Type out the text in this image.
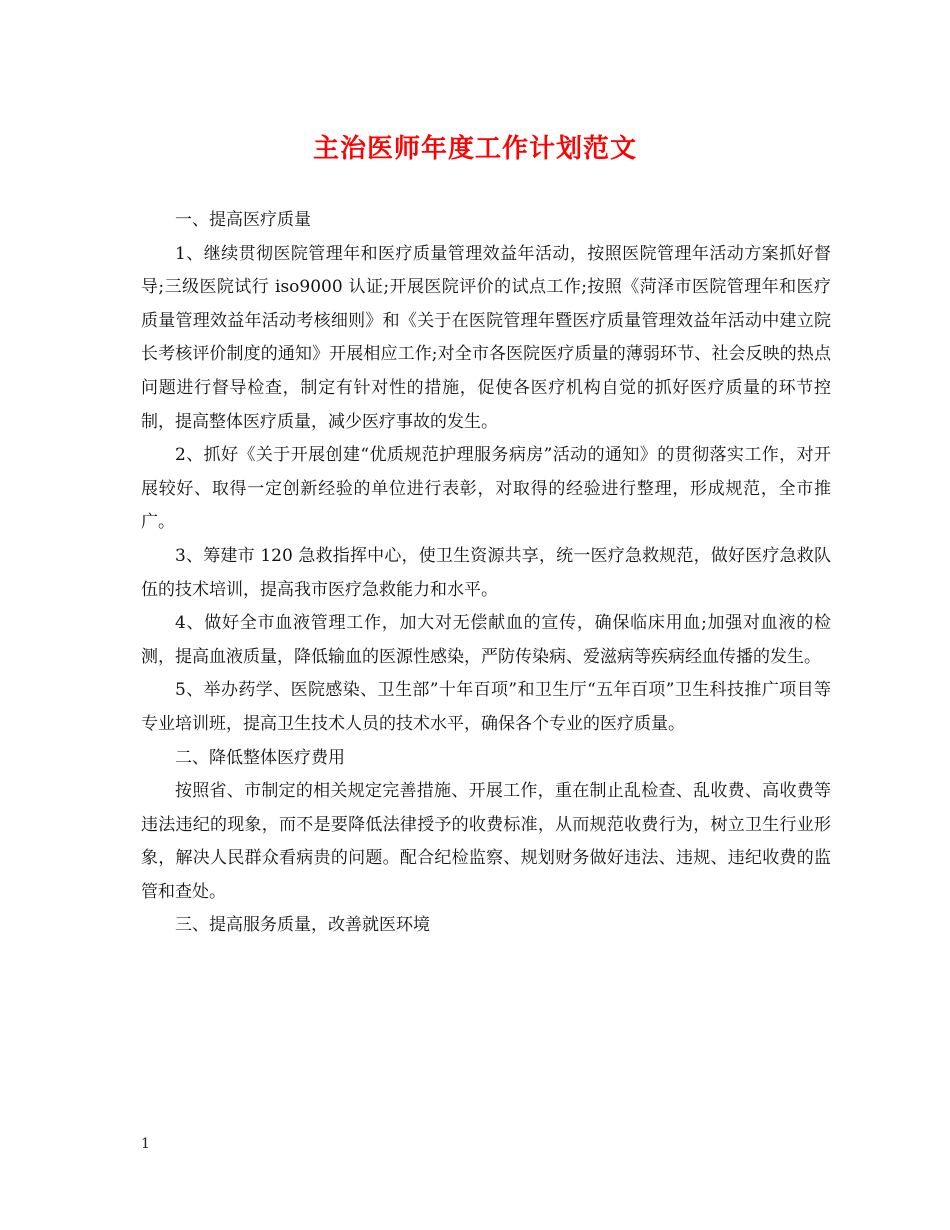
主治医师年度工作计划范文

一、提高医疗质量

1、继续贯彻医院管理年和医疗质量管理效益年活动，按照医院管理年活动方案抓好督导;三级医院试行 iso9000 认证;开展医院评价的试点工作;按照《菏泽市医院管理年和医疗质量管理效益年活动考核细则》和《关于在医院管理年暨医疗质量管理效益年活动中建立院长考核评价制度的通知》开展相应工作;对全市各医院医疗质量的薄弱环节、社会反映的热点问题进行督导检查，制定有针对性的措施，促使各医疗机构自觉的抓好医疗质量的环节控制，提高整体医疗质量，减少医疗事故的发生。

2、抓好《关于开展创建“优质规范护理服务病房”活动的通知》的贯彻落实工作，对开展较好、取得一定创新经验的单位进行表彰，对取得的经验进行整理，形成规范，全市推广。

3、筹建市 120 急救指挥中心，使卫生资源共享，统一医疗急救规范，做好医疗急救队伍的技术培训，提高我市医疗急救能力和水平。

4、做好全市血液管理工作，加大对无偿献血的宣传，确保临床用血;加强对血液的检测，提高血液质量，降低输血的医源性感染，严防传染病、爱滋病等疾病经血传播的发生。

5、举办药学、医院感染、卫生部”十年百项”和卫生厅“五年百项”卫生科技推广项目等专业培训班，提高卫生技术人员的技术水平，确保各个专业的医疗质量。

二、降低整体医疗费用

按照省、市制定的相关规定完善措施、开展工作，重在制止乱检查、乱收费、高收费等违法违纪的现象，而不是要降低法律授予的收费标准，从而规范收费行为，树立卫生行业形象，解决人民群众看病贵的问题。配合纪检监察、规划财务做好违法、违规、违纪收费的监管和查处。

三、提高服务质量，改善就医环境

1
